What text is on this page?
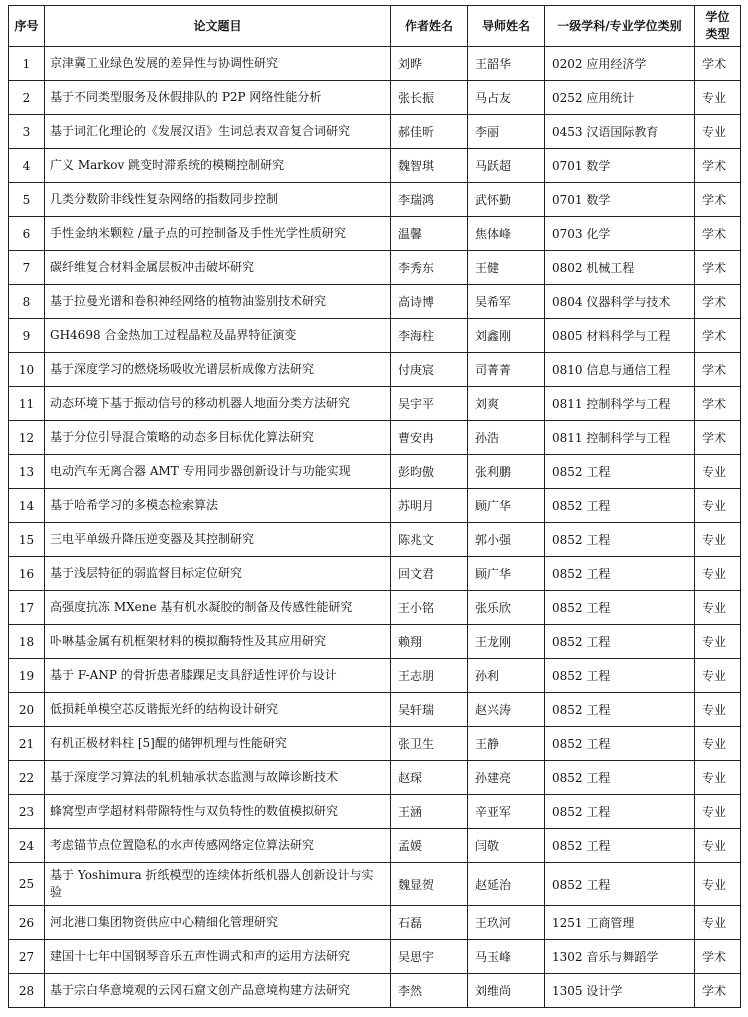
序号	论文题目	作者姓名	导师姓名	一级学科/专业学位类别	学位类型
1	京津冀工业绿色发展的差异性与协调性研究	刘晔	王韶华	0202 应用经济学	学术
2	基于不同类型服务及休假排队的 P2P 网络性能分析	张长振	马占友	0252 应用统计	专业
3	基于词汇化理论的《发展汉语》生词总表双音复合词研究	郝佳昕	李丽	0453 汉语国际教育	专业
4	广义 Markov 跳变时滞系统的模糊控制研究	魏智琪	马跃超	0701 数学	学术
5	几类分数阶非线性复杂网络的指数同步控制	李瑞鸿	武怀勤	0701 数学	学术
6	手性金纳米颗粒 /量子点的可控制备及手性光学性质研究	温馨	焦体峰	0703 化学	学术
7	碳纤维复合材料金属层板冲击破坏研究	李秀东	王健	0802 机械工程	学术
8	基于拉曼光谱和卷积神经网络的植物油鉴别技术研究	高诗博	吴希军	0804 仪器科学与技术	学术
9	GH4698 合金热加工过程晶粒及晶界特征演变	李海柱	刘鑫刚	0805 材料科学与工程	学术
10	基于深度学习的燃烧场吸收光谱层析成像方法研究	付庚宸	司菁菁	0810 信息与通信工程	学术
11	动态环境下基于振动信号的移动机器人地面分类方法研究	吴宇平	刘爽	0811 控制科学与工程	学术
12	基于分位引导混合策略的动态多目标优化算法研究	曹安冉	孙浩	0811 控制科学与工程	学术
13	电动汽车无离合器 AMT 专用同步器创新设计与功能实现	彭昀傲	张利鹏	0852 工程	专业
14	基于哈希学习的多模态检索算法	苏明月	顾广华	0852 工程	专业
15	三电平单级升降压逆变器及其控制研究	陈兆文	郭小强	0852 工程	专业
16	基于浅层特征的弱监督目标定位研究	回文君	顾广华	0852 工程	专业
17	高强度抗冻 MXene 基有机水凝胶的制备及传感性能研究	王小铭	张乐欣	0852 工程	专业
18	卟啉基金属有机框架材料的模拟酶特性及其应用研究	赖翔	王龙刚	0852 工程	专业
19	基于 F-ANP 的骨折患者膝踝足支具舒适性评价与设计	王志朋	孙利	0852 工程	专业
20	低损耗单模空芯反谐振光纤的结构设计研究	吴轩瑞	赵兴涛	0852 工程	专业
21	有机正极材料柱 [5]醌的储钾机理与性能研究	张卫生	王静	0852 工程	专业
22	基于深度学习算法的轧机轴承状态监测与故障诊断技术	赵琛	孙建亮	0852 工程	专业
23	蜂窝型声学超材料带隙特性与双负特性的数值模拟研究	王涵	辛亚军	0852 工程	专业
24	考虑锚节点位置隐私的水声传感网络定位算法研究	孟媛	闫敬	0852 工程	专业
25	基于 Yoshimura 折纸模型的连续体折纸机器人创新设计与实验	魏显贺	赵延治	0852 工程	专业
26	河北港口集团物资供应中心精细化管理研究	石磊	王玖河	1251 工商管理	专业
27	建国十七年中国钢琴音乐五声性调式和声的运用方法研究	吴思宇	马玉峰	1302 音乐与舞蹈学	学术
28	基于宗白华意境观的云冈石窟文创产品意境构建方法研究	李然	刘维尚	1305 设计学	学术
